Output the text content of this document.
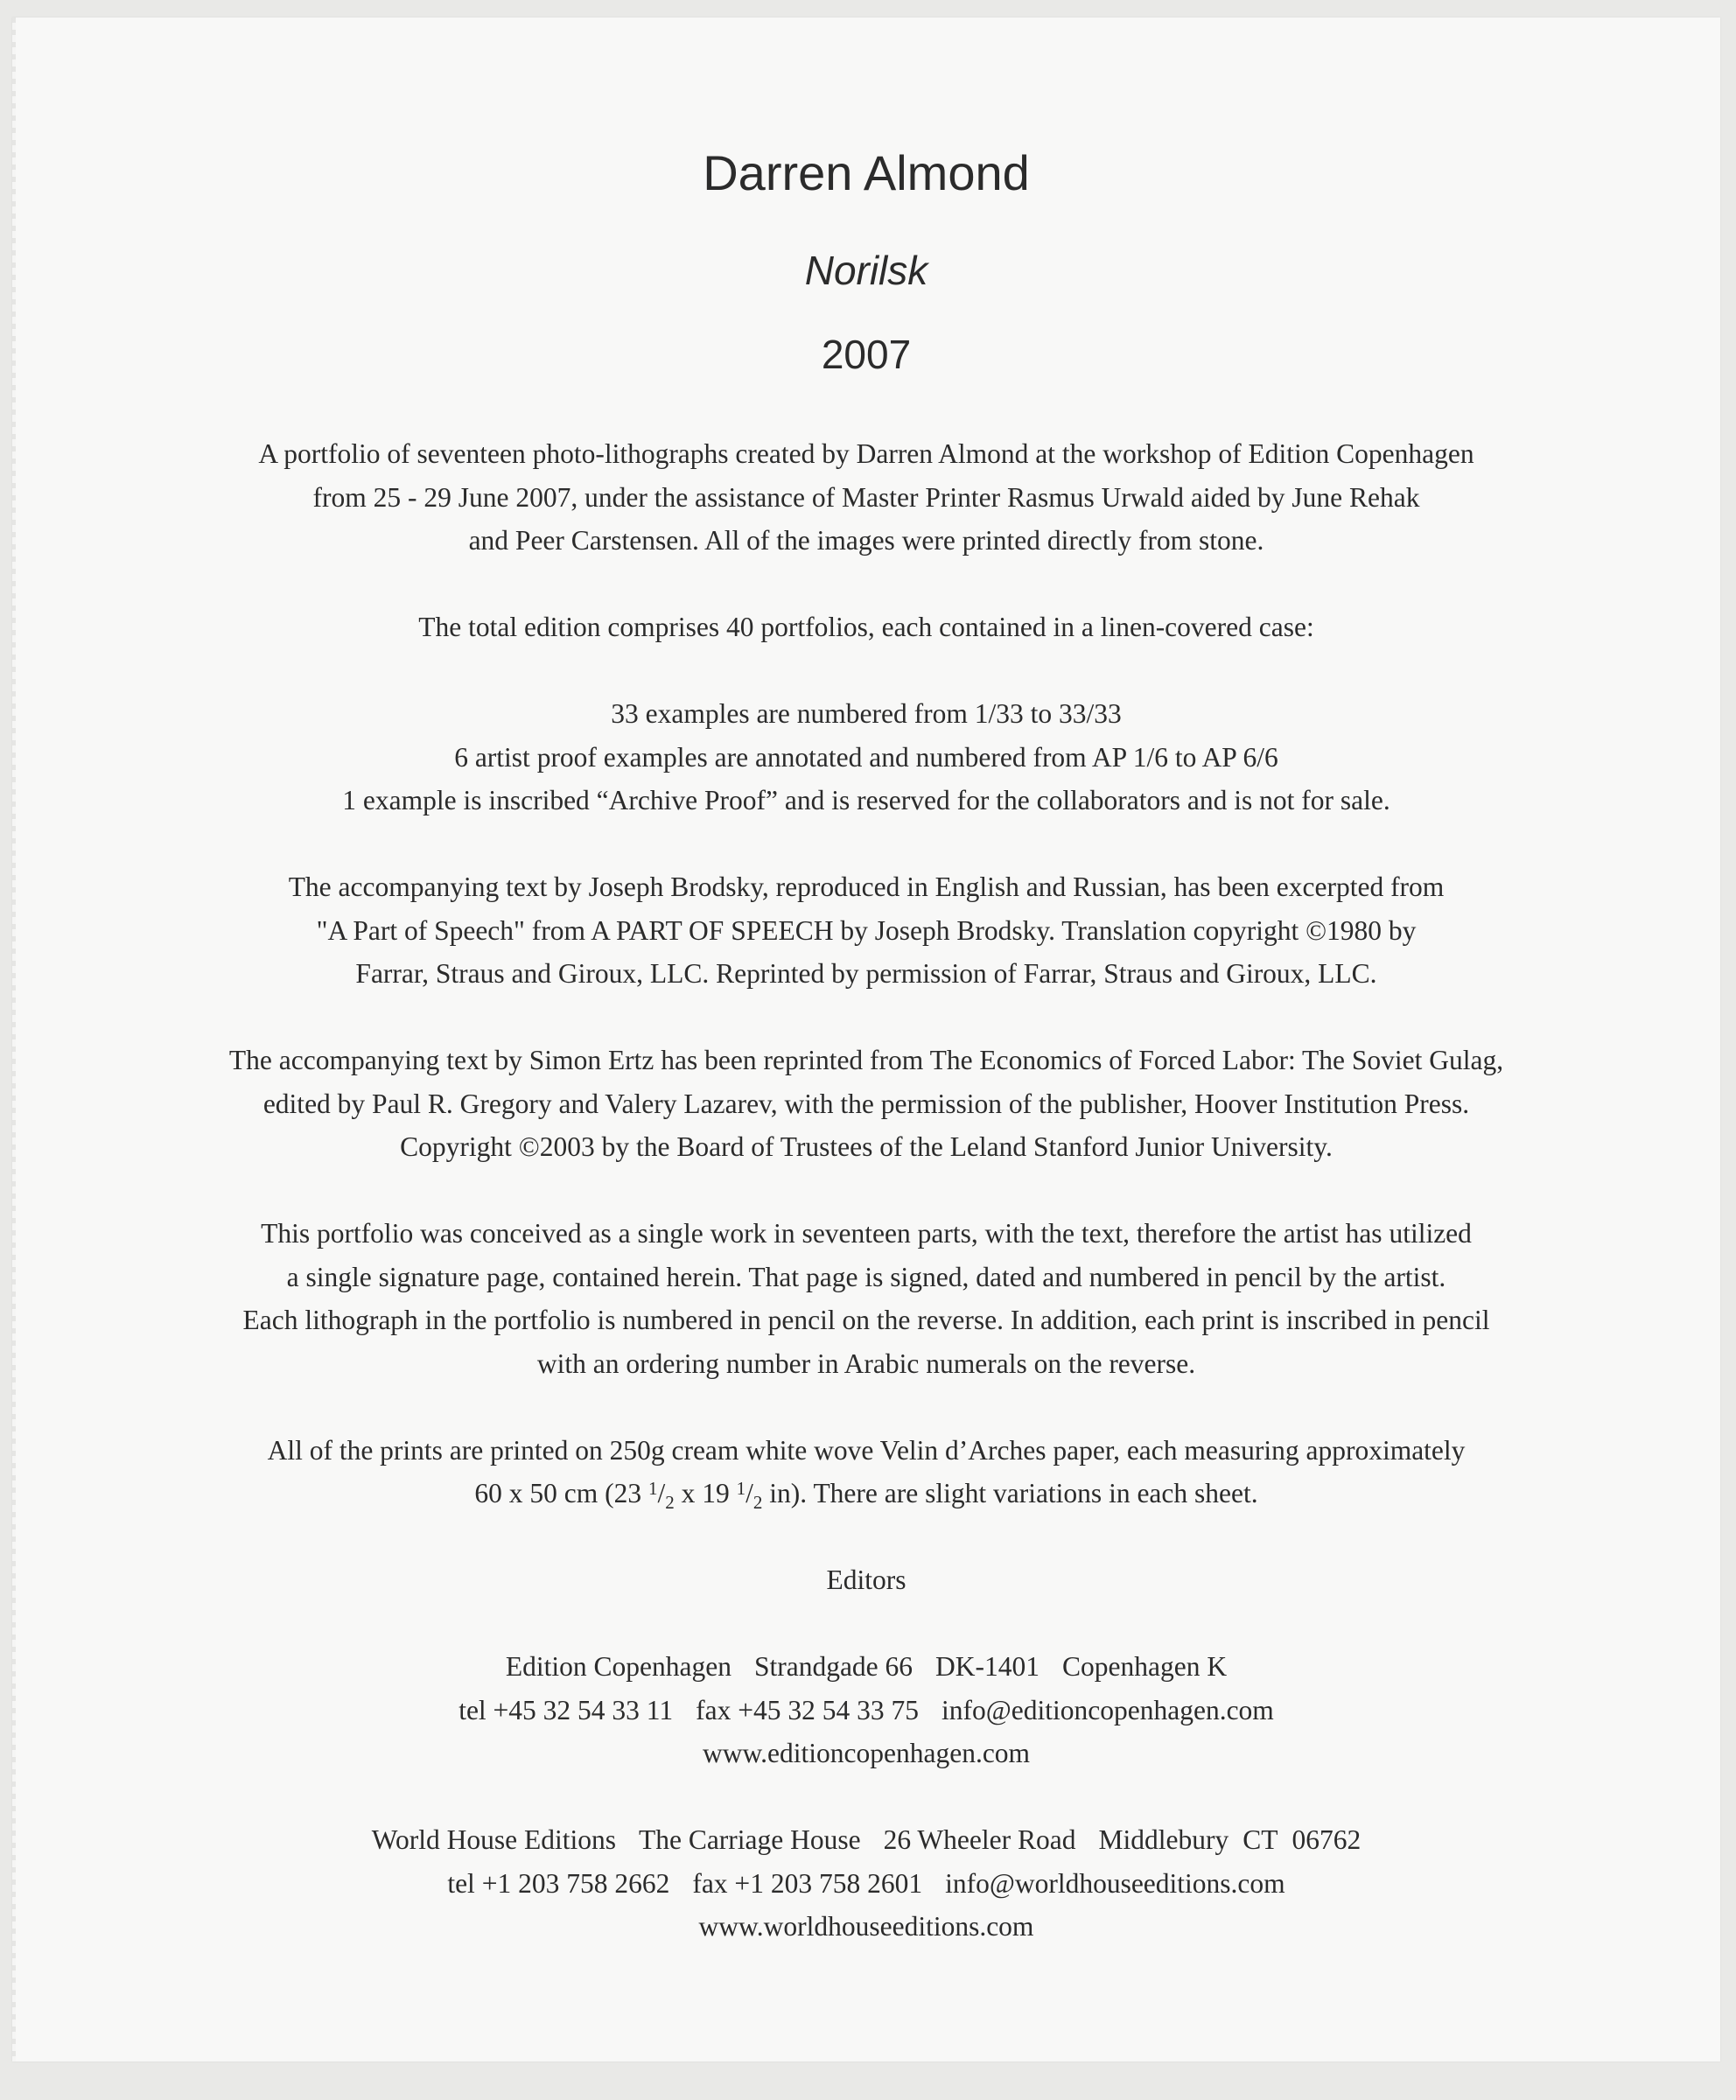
Darren Almond
Norilsk
2007

A portfolio of seventeen photo-lithographs created by Darren Almond at the workshop of Edition Copenhagen
from 25 - 29 June 2007, under the assistance of Master Printer Rasmus Urwald aided by June Rehak
and Peer Carstensen. All of the images were printed directly from stone.

The total edition comprises 40 portfolios, each contained in a linen-covered case:

33 examples are numbered from 1/33 to 33/33
6 artist proof examples are annotated and numbered from AP 1/6 to AP 6/6
1 example is inscribed “Archive Proof” and is reserved for the collaborators and is not for sale.

The accompanying text by Joseph Brodsky, reproduced in English and Russian, has been excerpted from
"A Part of Speech" from A PART OF SPEECH by Joseph Brodsky. Translation copyright ©1980 by
Farrar, Straus and Giroux, LLC. Reprinted by permission of Farrar, Straus and Giroux, LLC.

The accompanying text by Simon Ertz has been reprinted from The Economics of Forced Labor: The Soviet Gulag,
edited by Paul R. Gregory and Valery Lazarev, with the permission of the publisher, Hoover Institution Press.
Copyright ©2003 by the Board of Trustees of the Leland Stanford Junior University.

This portfolio was conceived as a single work in seventeen parts, with the text, therefore the artist has utilized
a single signature page, contained herein. That page is signed, dated and numbered in pencil by the artist.
Each lithograph in the portfolio is numbered in pencil on the reverse. In addition, each print is inscribed in pencil
with an ordering number in Arabic numerals on the reverse.

All of the prints are printed on 250g cream white wove Velin d’Arches paper, each measuring approximately
60 x 50 cm (23 $^1/_2$ x 19 $^1/_2$ in). There are slight variations in each sheet.

Editors

Edition Copenhagen Strandgade 66 DK-1401 Copenhagen K
tel +45 32 54 33 11 fax +45 32 54 33 75 info@editioncopenhagen.com
www.editioncopenhagen.com

World House Editions The Carriage House 26 Wheeler Road Middlebury CT 06762
tel +1 203 758 2662 fax +1 203 758 2601 info@worldhouseeditions.com
www.worldhouseeditions.com
